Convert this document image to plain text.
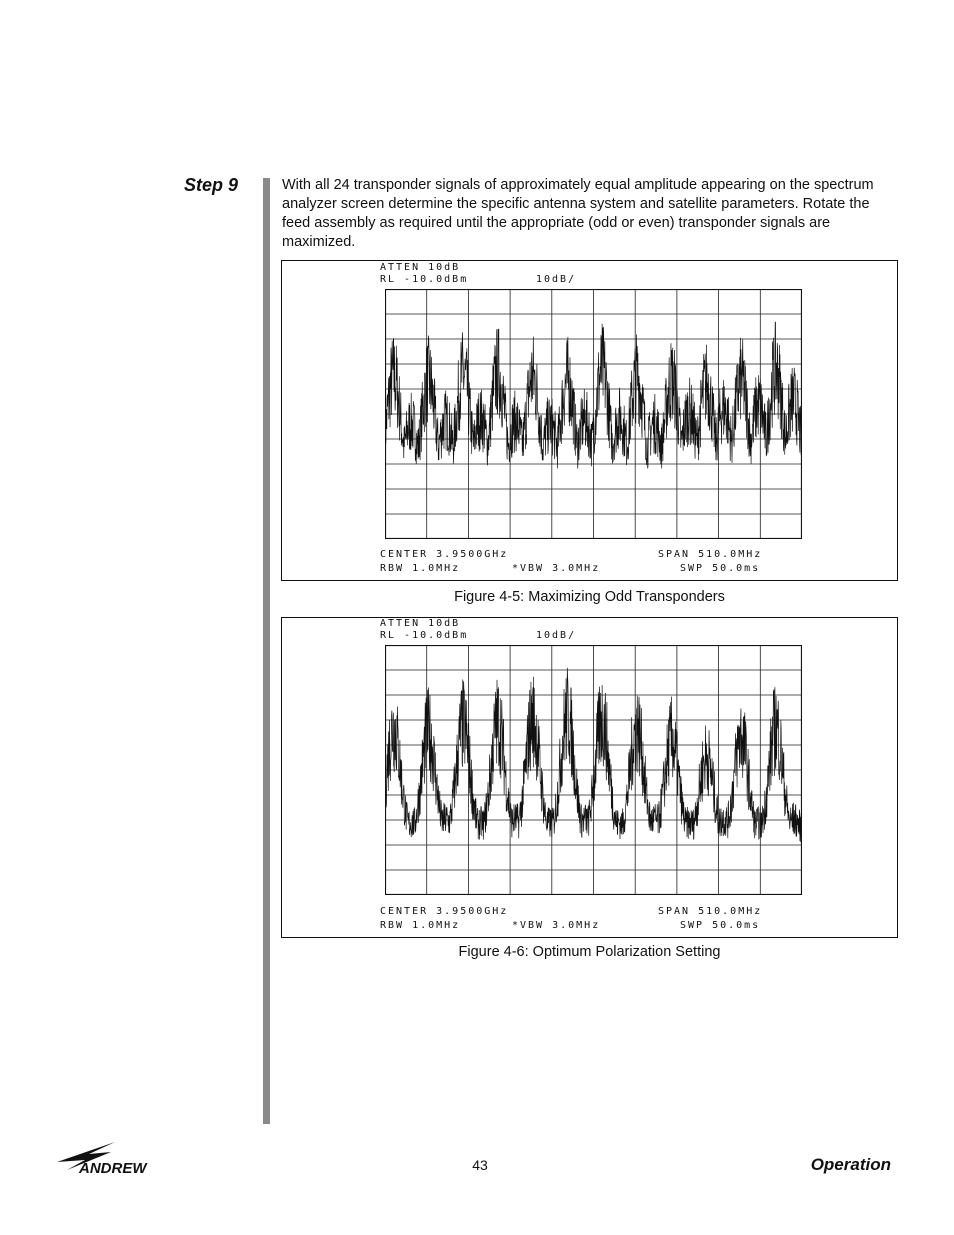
Step 9	With all 24 transponder signals of approximately equal amplitude appearing on the spectrum analyzer screen determine the specific antenna system and satellite parameters. Rotate the feed assembly as required until the appropriate (odd or even) transponder signals are maximized.
ATTEN 10dB
RL -10.0dBm	10dB/
CENTER 3.9500GHz	SPAN 510.0MHz
RBW 1.0MHz	*VBW 3.0MHz	SWP 50.0ms
Figure 4-5: Maximizing Odd Transponders
ATTEN 10dB
RL -10.0dBm	10dB/
CENTER 3.9500GHz	SPAN 510.0MHz
RBW 1.0MHz	*VBW 3.0MHz	SWP 50.0ms
Figure 4-6: Optimum Polarization Setting
ANDREW	43	Operation
